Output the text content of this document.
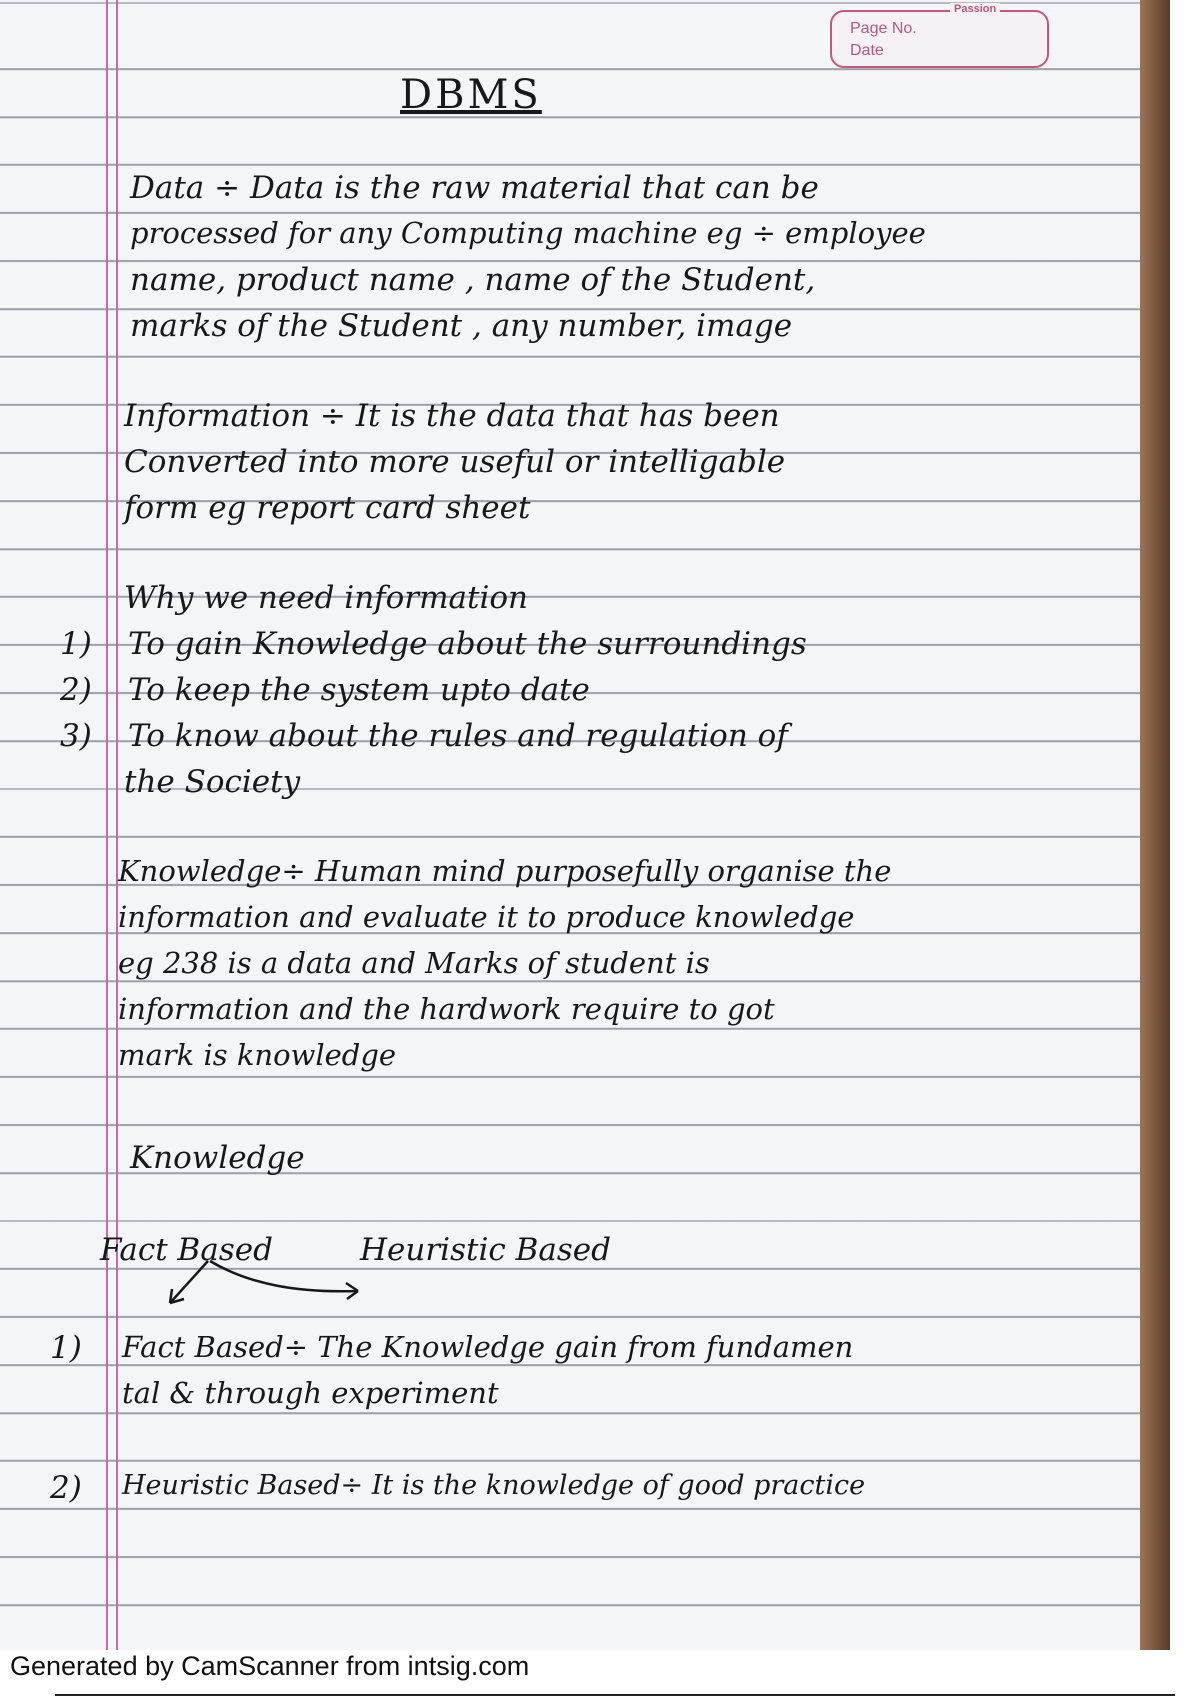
Passion
Page No.
Date
DBMS
Data ÷ Data is the raw material that can be
processed for any Computing machine eg ÷ employee
name, product name , name of the Student,
marks of the Student , any number, image
Information ÷ It is the data that has been
Converted into more useful or intelligable
form eg report card sheet
Why we need information
1) To gain Knowledge about the surroundings
2) To keep the system upto date
3) To know about the rules and regulation of
the Society
Knowledge÷ Human mind purposefully organise the
information and evaluate it to produce knowledge
eg 238 is a data and Marks of student is
information and the hardwork require to got
mark is knowledge
Knowledge
Fact Based	Heuristic Based
1) Fact Based÷ The Knowledge gain from fundamen
tal & through experiment
2) Heuristic Based÷ It is the knowledge of good practice
Generated by CamScanner from intsig.com
